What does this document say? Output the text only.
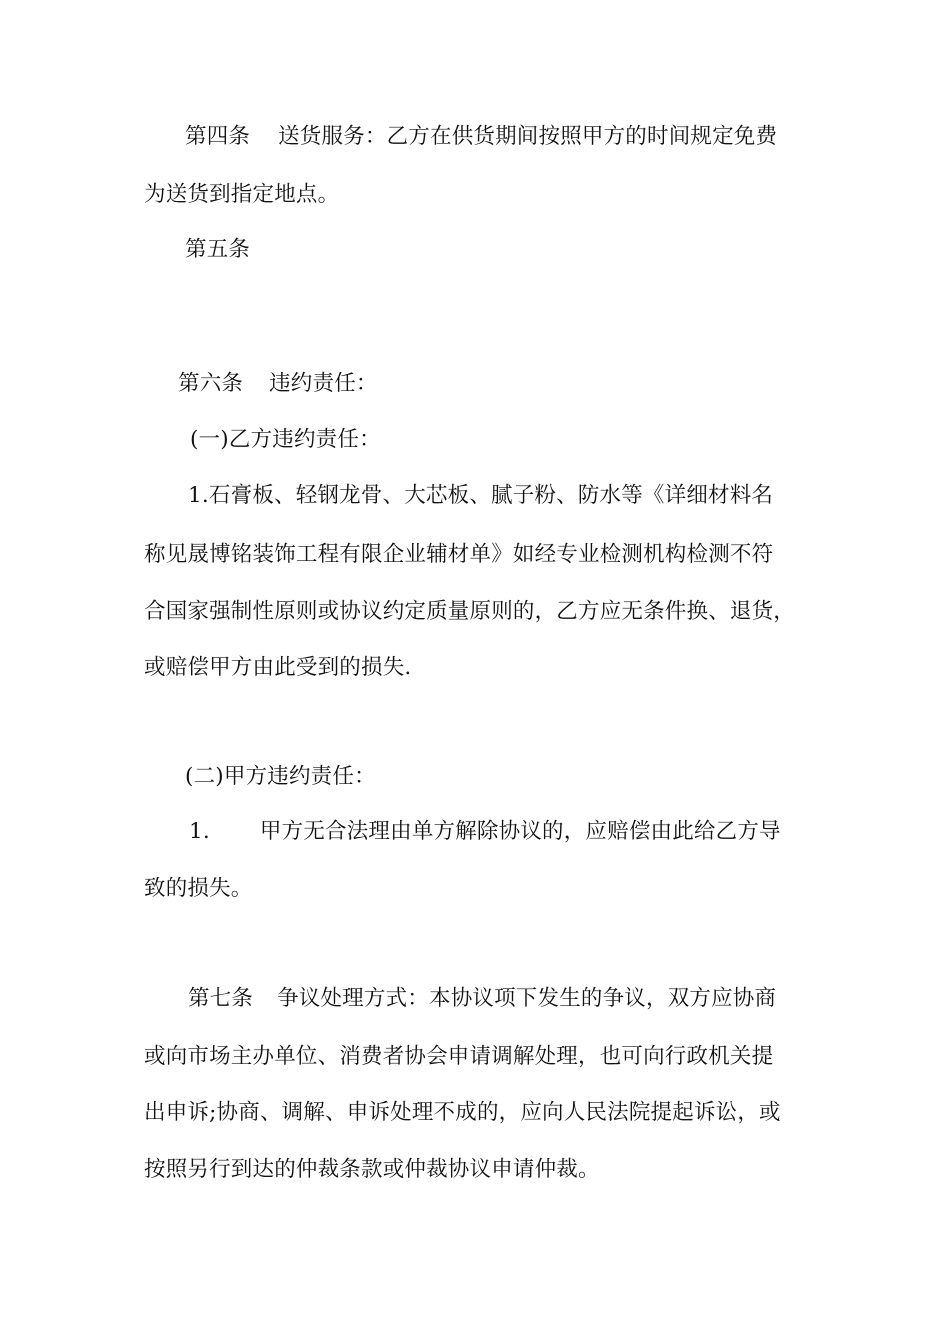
第四条 送货服务：乙方在供货期间按照甲方的时间规定免费
为送货到指定地点。
第五条
第六条 违约责任：
(一)乙方违约责任：
1.石膏板、轻钢龙骨、大芯板、腻子粉、防水等《详细材料名
称见晟博铭装饰工程有限企业辅材单》如经专业检测机构检测不符
合国家强制性原则或协议约定质量原则的，乙方应无条件换、退货，
或赔偿甲方由此受到的损失.
(二)甲方违约责任：
1. 甲方无合法理由单方解除协议的，应赔偿由此给乙方导
致的损失。
第七条 争议处理方式：本协议项下发生的争议，双方应协商
或向市场主办单位、消费者协会申请调解处理，也可向行政机关提
出申诉;协商、调解、申诉处理不成的，应向人民法院提起诉讼，或
按照另行到达的仲裁条款或仲裁协议申请仲裁。
